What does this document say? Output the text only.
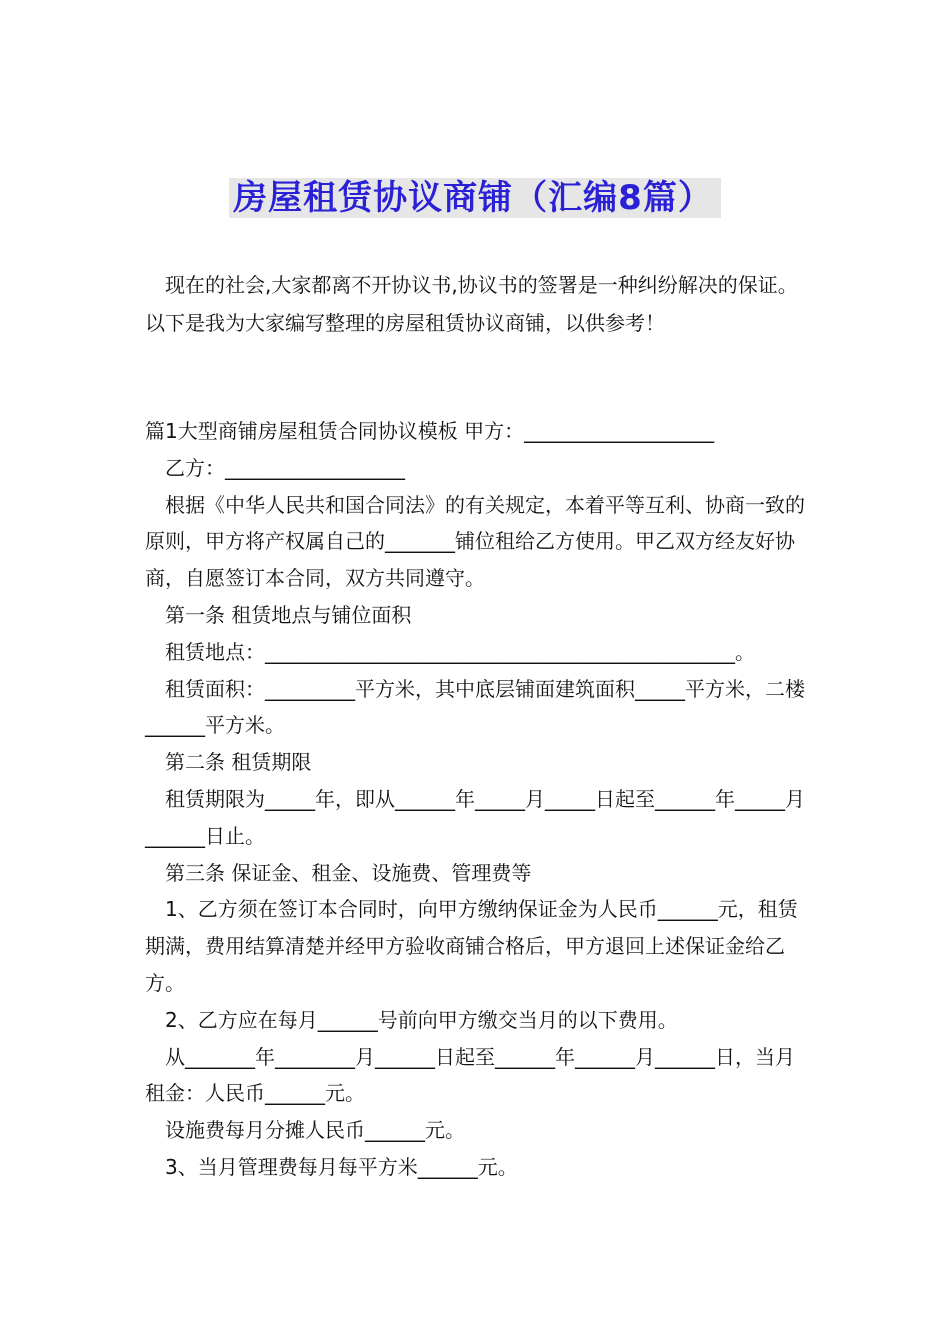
房屋租赁协议商铺（汇编8篇）

现在的社会,大家都离不开协议书,协议书的签署是一种纠纷解决的保证。以下是我为大家编写整理的房屋租赁协议商铺，以供参考！

篇1大型商铺房屋租赁合同协议模板 甲方：___________________

乙方：__________________

根据《中华人民共和国合同法》的有关规定，本着平等互利、协商一致的原则，甲方将产权属自己的_______铺位租给乙方使用。甲乙双方经友好协商，自愿签订本合同，双方共同遵守。

第一条 租赁地点与铺位面积

租赁地点：_______________________________________________。

租赁面积：_________平方米，其中底层铺面建筑面积_____平方米，二楼______平方米。

第二条 租赁期限

租赁期限为_____年，即从______年_____月_____日起至______年_____月______日止。

第三条 保证金、租金、设施费、管理费等

1、乙方须在签订本合同时，向甲方缴纳保证金为人民币______元，租赁期满，费用结算清楚并经甲方验收商铺合格后，甲方退回上述保证金给乙方。

2、乙方应在每月______号前向甲方缴交当月的以下费用。

从_______年________月______日起至______年______月______日，当月租金：人民币______元。

设施费每月分摊人民币______元。

3、当月管理费每月每平方米______元。
